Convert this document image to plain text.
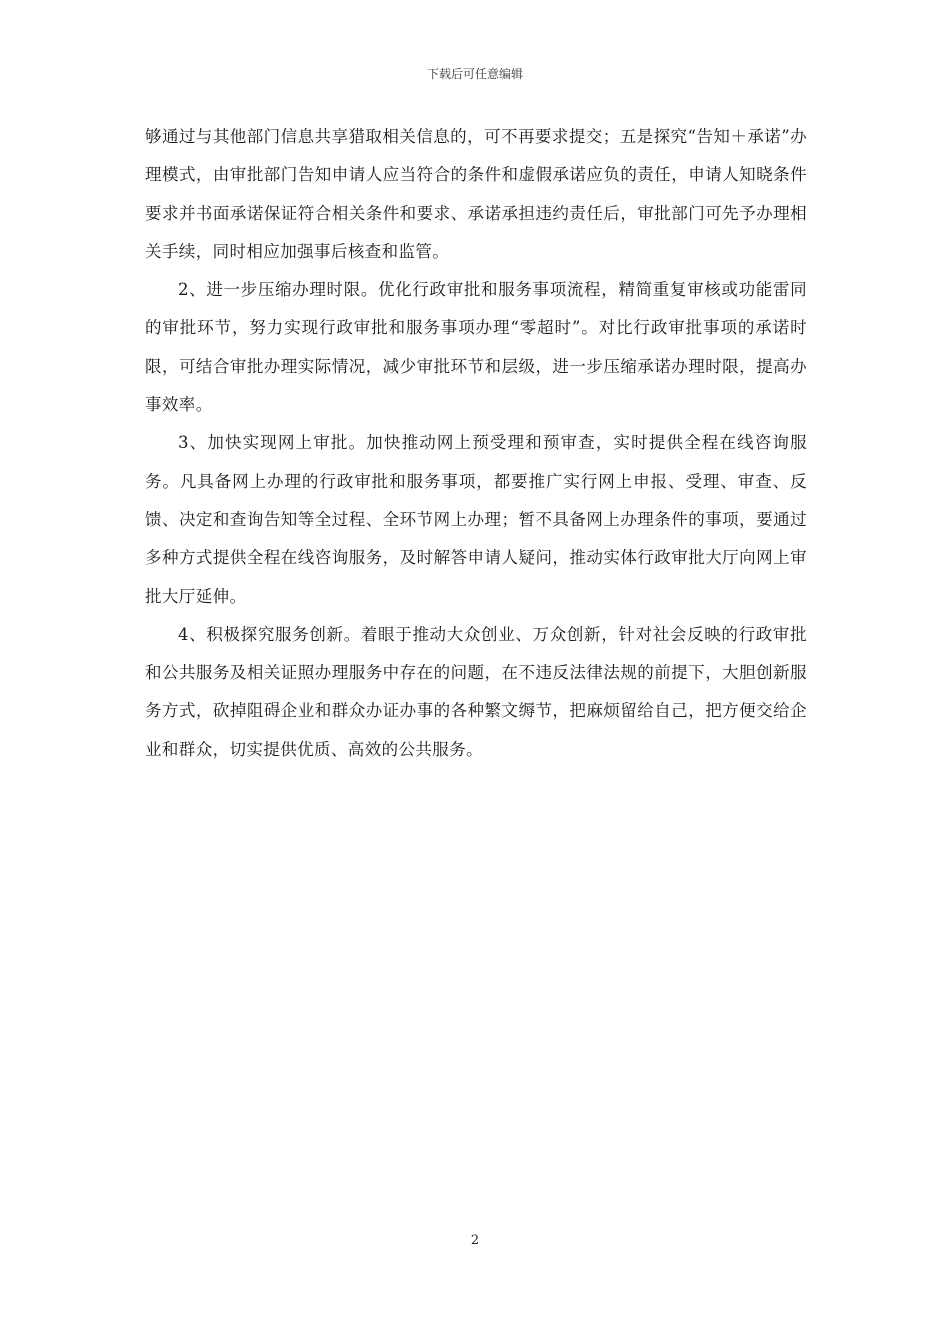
下载后可任意编辑

够通过与其他部门信息共享猎取相关信息的，可不再要求提交；五是探究“告知＋承诺”办理模式，由审批部门告知申请人应当符合的条件和虚假承诺应负的责任，申请人知晓条件要求并书面承诺保证符合相关条件和要求、承诺承担违约责任后，审批部门可先予办理相关手续，同时相应加强事后核查和监管。

2、进一步压缩办理时限。优化行政审批和服务事项流程，精简重复审核或功能雷同的审批环节，努力实现行政审批和服务事项办理“零超时”。对比行政审批事项的承诺时限，可结合审批办理实际情况，减少审批环节和层级，进一步压缩承诺办理时限，提高办事效率。

3、加快实现网上审批。加快推动网上预受理和预审查，实时提供全程在线咨询服务。凡具备网上办理的行政审批和服务事项，都要推广实行网上申报、受理、审查、反馈、决定和查询告知等全过程、全环节网上办理；暂不具备网上办理条件的事项，要通过多种方式提供全程在线咨询服务，及时解答申请人疑问，推动实体行政审批大厅向网上审批大厅延伸。

4、积极探究服务创新。着眼于推动大众创业、万众创新，针对社会反映的行政审批和公共服务及相关证照办理服务中存在的问题，在不违反法律法规的前提下，大胆创新服务方式，砍掉阻碍企业和群众办证办事的各种繁文缛节，把麻烦留给自己，把方便交给企业和群众，切实提供优质、高效的公共服务。

2
